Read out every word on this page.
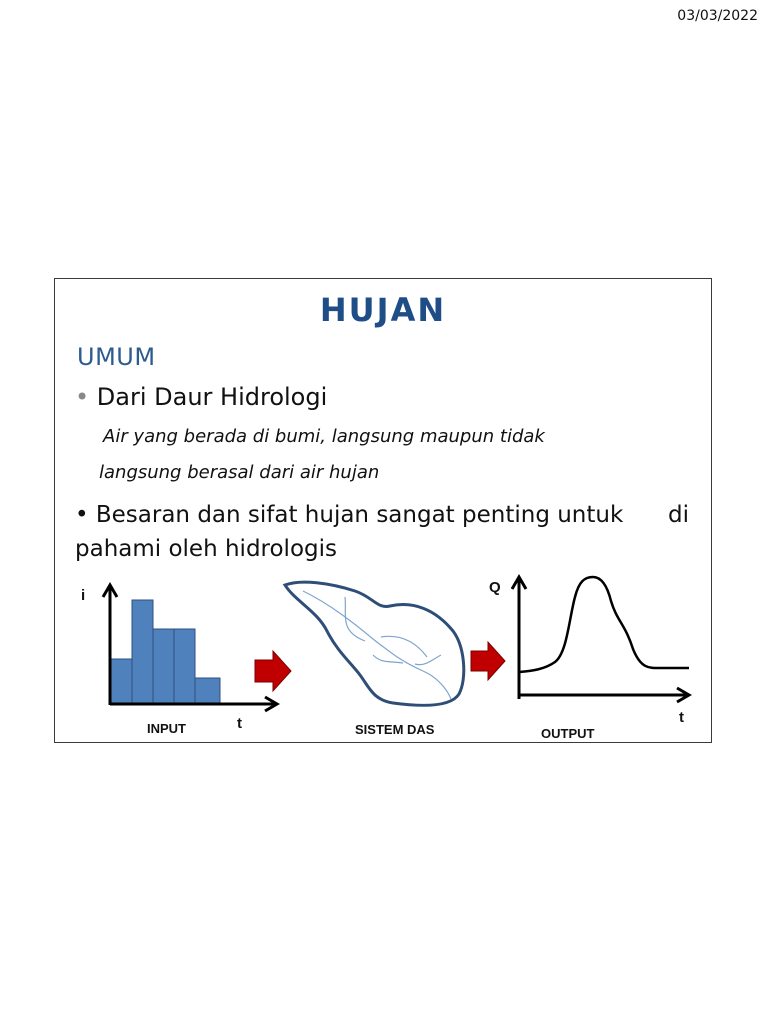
03/03/2022
HUJAN
UMUM
• Dari Daur Hidrologi
Air yang berada di bumi, langsung maupun tidak
langsung berasal dari air hujan
• Besaran dan sifat hujan sangat penting untuk di
pahami oleh hidrologis
i
t
INPUT	SISTEM DAS
Q
t
OUTPUT
